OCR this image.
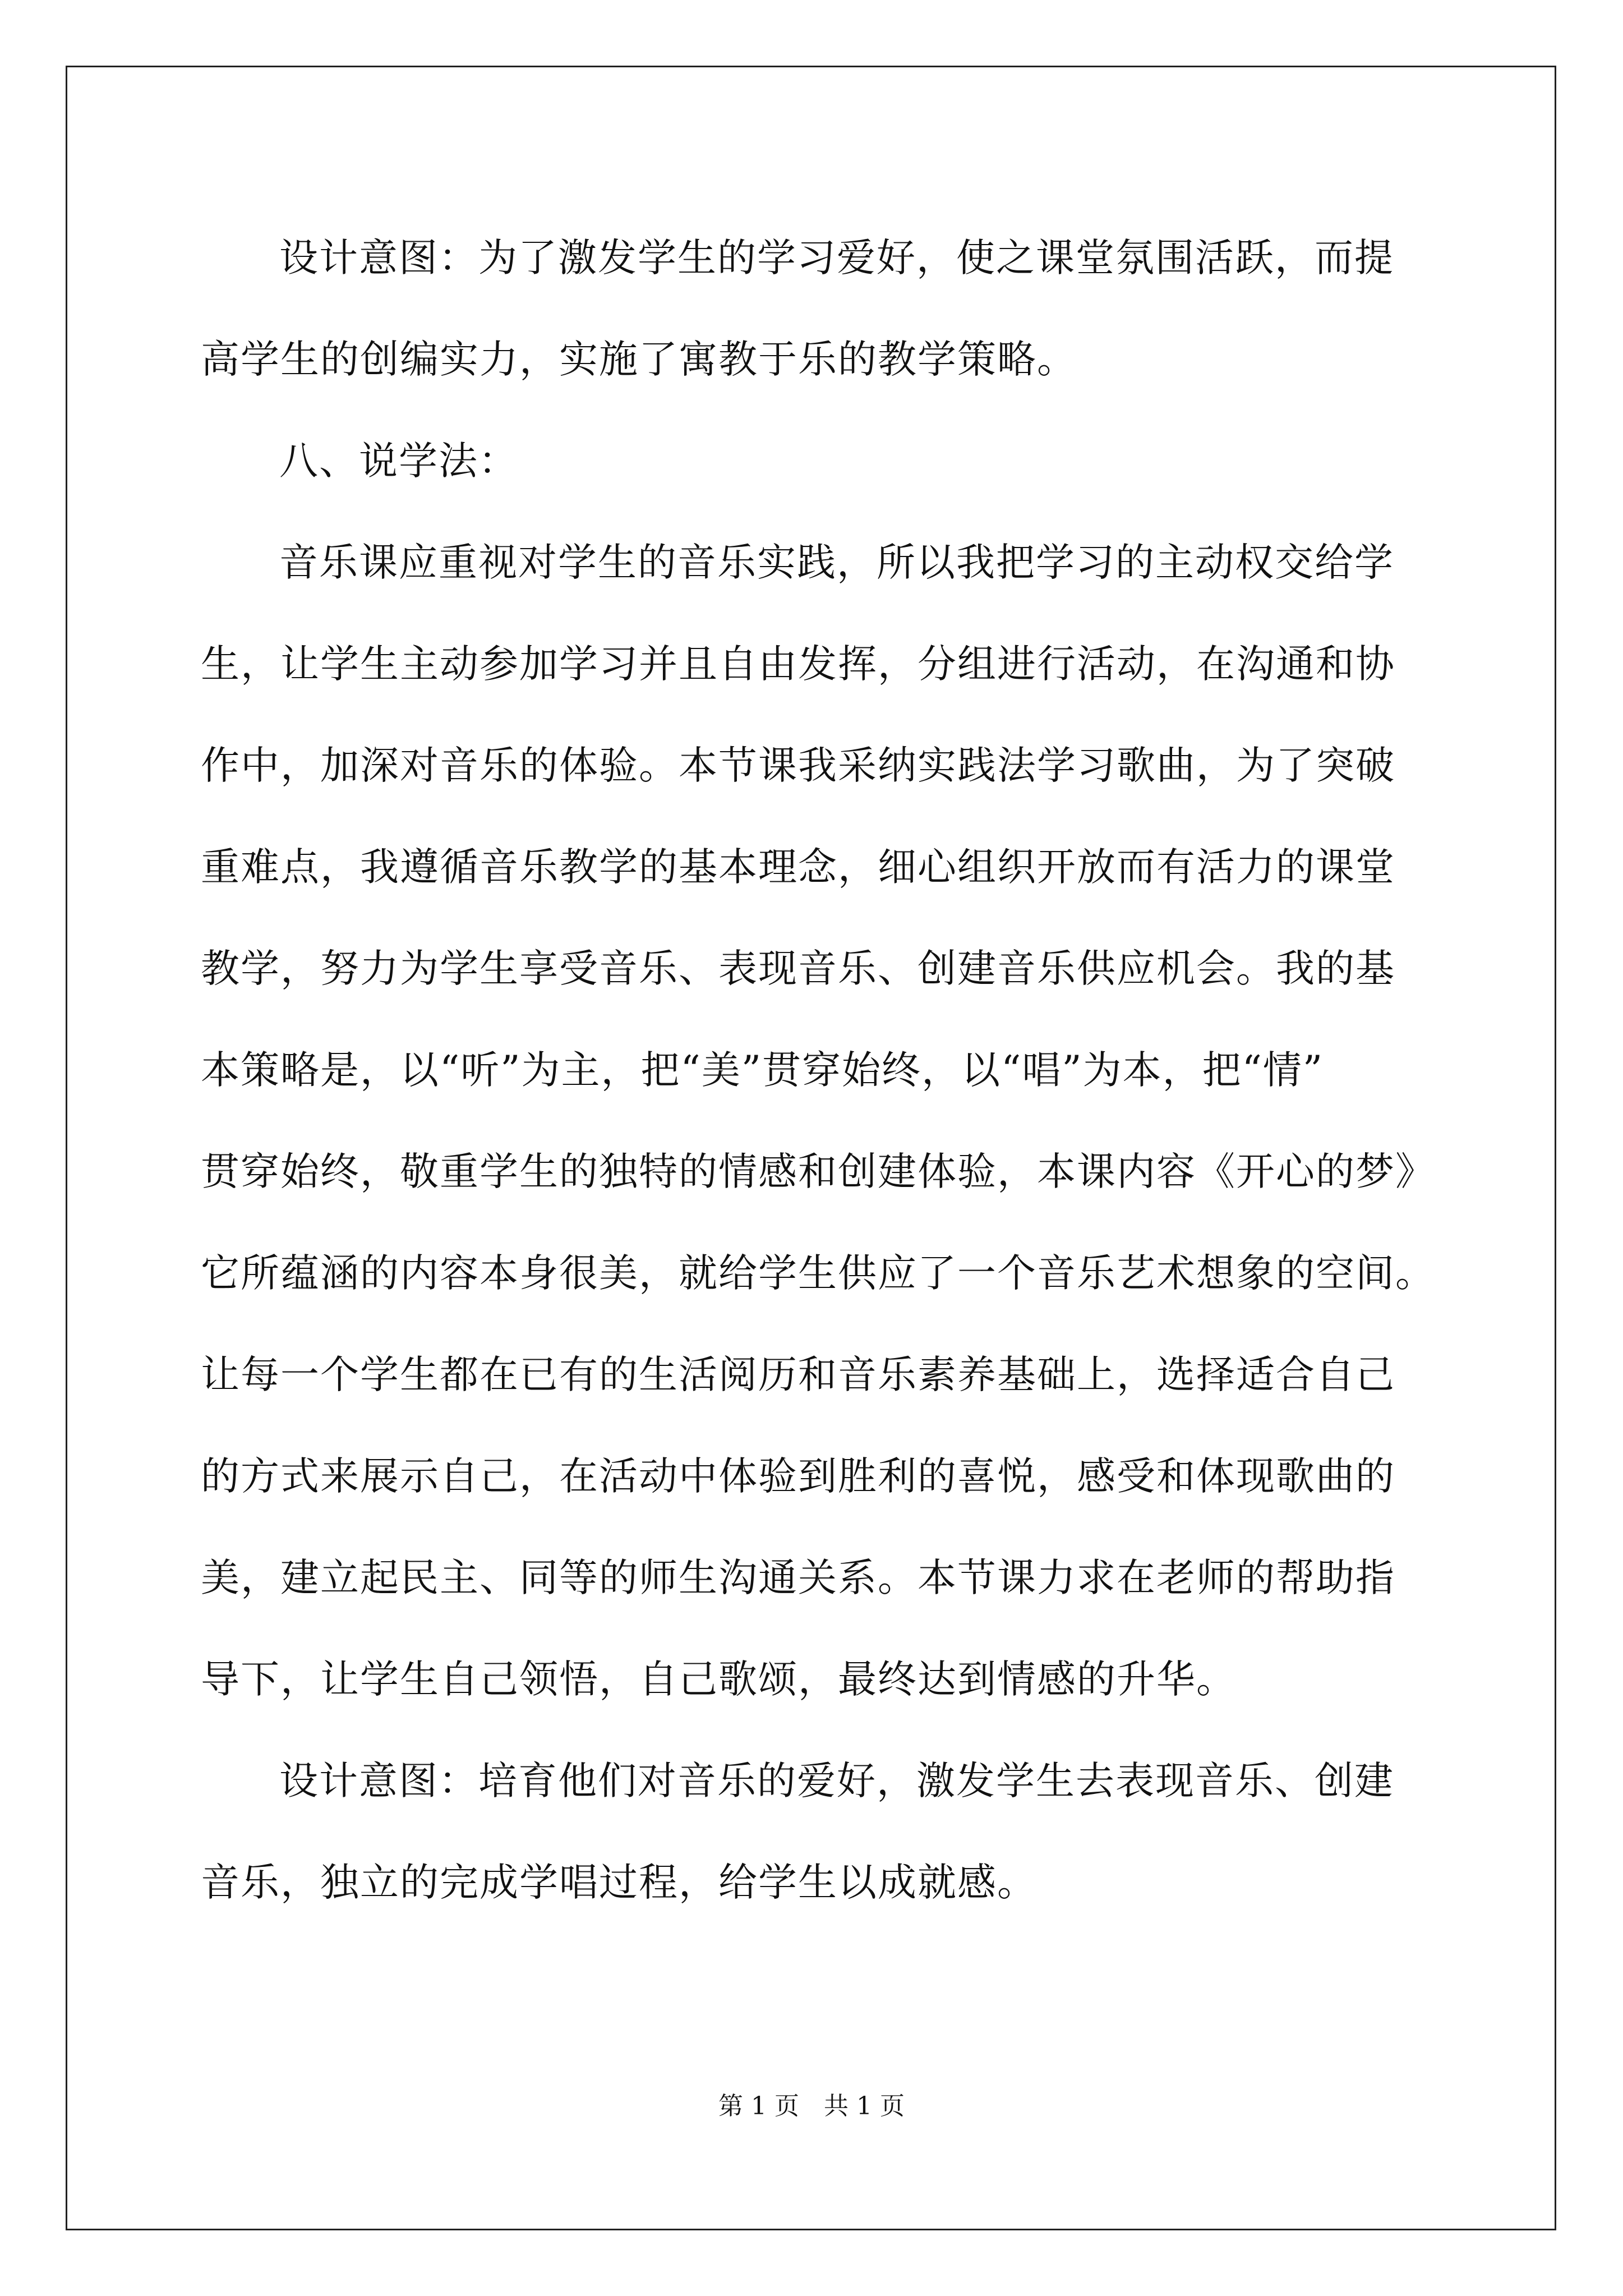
设计意图：为了激发学生的学习爱好，使之课堂氛围活跃，而提
高学生的创编实力，实施了寓教于乐的教学策略。

八、说学法：

音乐课应重视对学生的音乐实践，所以我把学习的主动权交给学
生，让学生主动参加学习并且自由发挥，分组进行活动，在沟通和协
作中，加深对音乐的体验。本节课我采纳实践法学习歌曲，为了突破
重难点，我遵循音乐教学的基本理念，细心组织开放而有活力的课堂
教学，努力为学生享受音乐、表现音乐、创建音乐供应机会。我的基
本策略是，以“听”为主，把“美”贯穿始终，以“唱”为本，把“情”
贯穿始终，敬重学生的独特的情感和创建体验，本课内容《开心的梦》
它所蕴涵的内容本身很美，就给学生供应了一个音乐艺术想象的空间。
让每一个学生都在已有的生活阅历和音乐素养基础上，选择适合自己
的方式来展示自己，在活动中体验到胜利的喜悦，感受和体现歌曲的
美，建立起民主、同等的师生沟通关系。本节课力求在老师的帮助指
导下，让学生自己领悟，自己歌颂，最终达到情感的升华。

设计意图：培育他们对音乐的爱好，激发学生去表现音乐、创建
音乐，独立的完成学唱过程，给学生以成就感。

第 1 页　共 1 页
